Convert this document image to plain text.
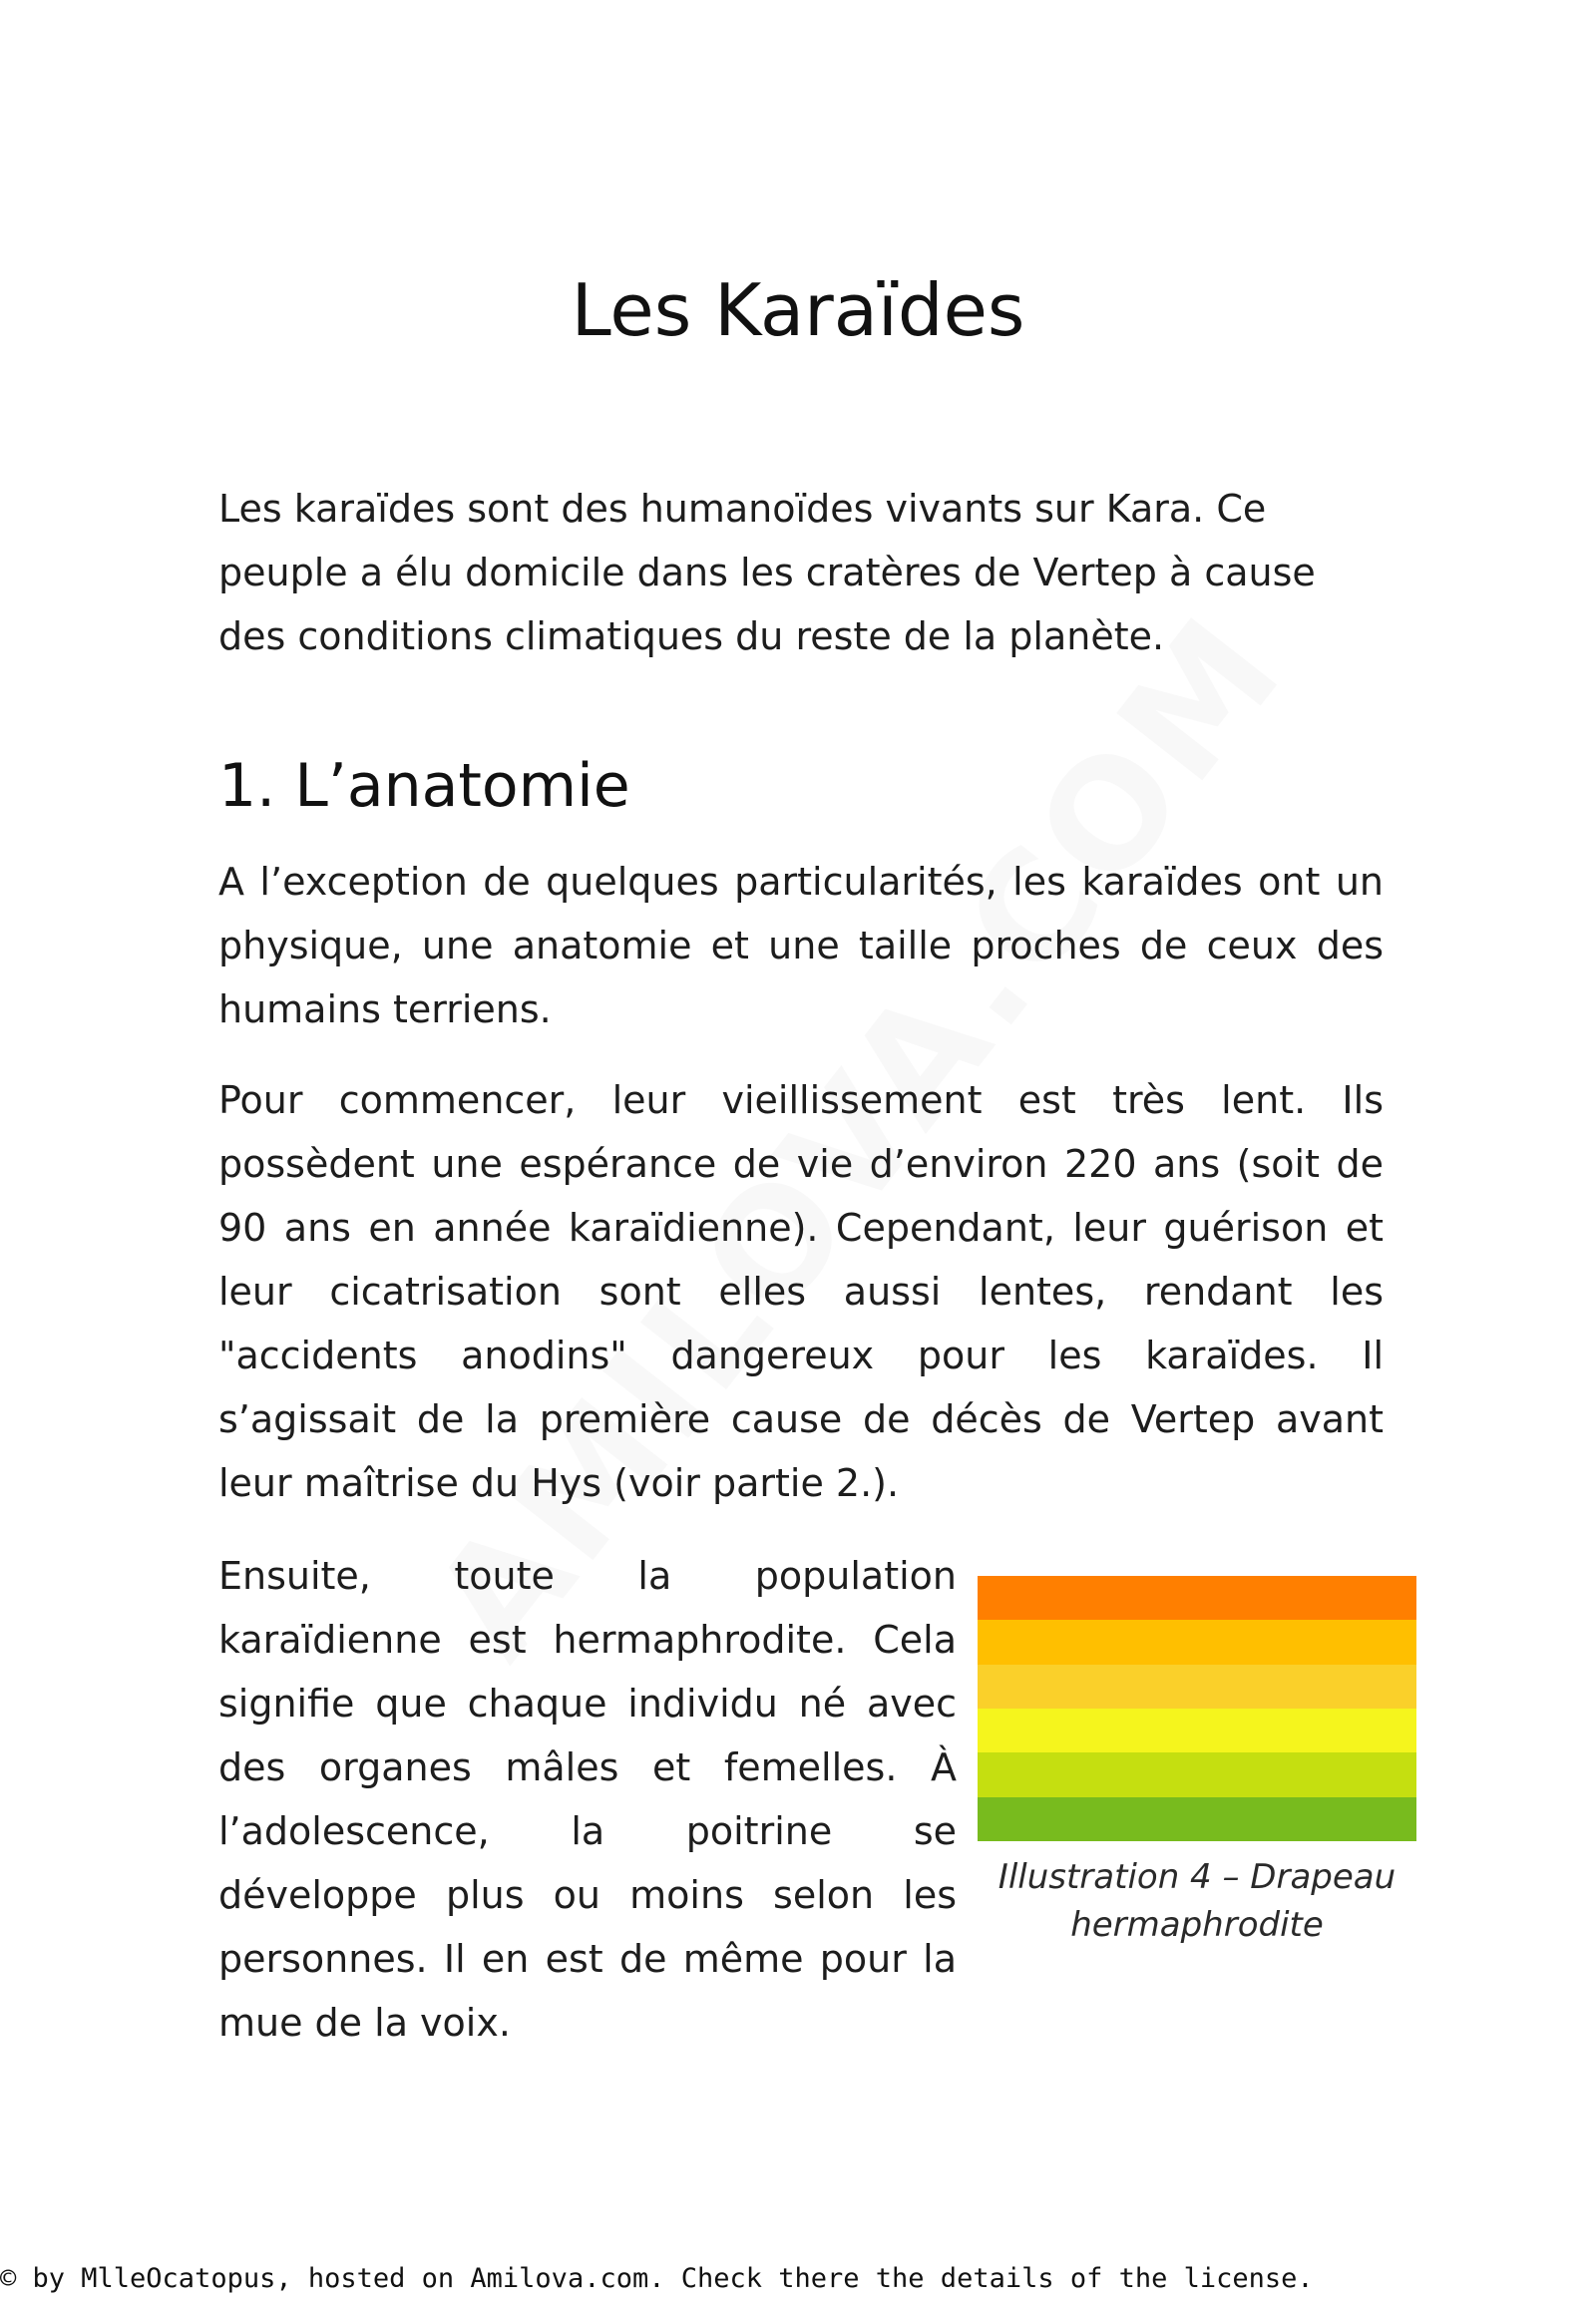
Les Karaïdes

Les karaïdes sont des humanoïdes vivants sur Kara. Ce peuple a élu domicile dans les cratères de Vertep à cause des conditions climatiques du reste de la planète.

1. L’anatomie

A l’exception de quelques particularités, les karaïdes ont un physique, une anatomie et une taille proches de ceux des humains terriens.

Pour commencer, leur vieillissement est très lent. Ils possèdent une espérance de vie d’environ 220 ans (soit de 90 ans en année karaïdienne). Cependant, leur guérison et leur cicatrisation sont elles aussi lentes, rendant les "accidents anodins" dangereux pour les karaïdes. Il s’agissait de la première cause de décès de Vertep avant leur maîtrise du Hys (voir partie 2.).

Ensuite, toute la population karaïdienne est hermaphrodite. Cela signifie que chaque individu né avec des organes mâles et femelles. À l’adolescence, la poitrine se développe plus ou moins selon les personnes. Il en est de même pour la mue de la voix.

Illustration 4 – Drapeau hermaphrodite
© by MlleOcatopus, hosted on Amilova.com. Check there the details of the license.
